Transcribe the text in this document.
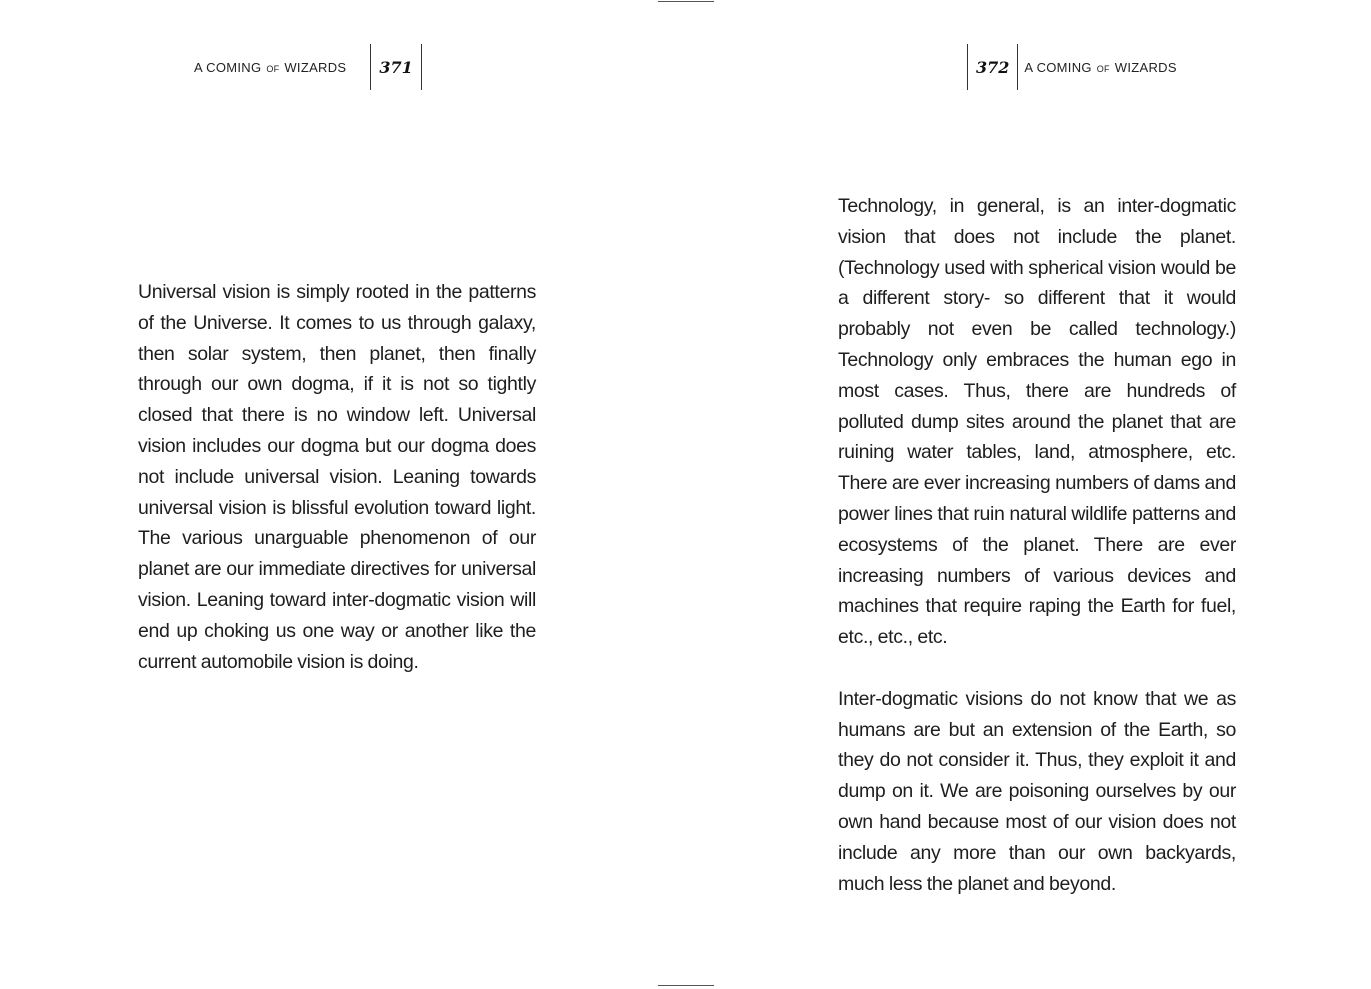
A COMING OF WIZARDS	371

Universal vision is simply rooted in the patterns of the Universe. It comes to us through galaxy, then solar system, then planet, then finally through our own dogma, if it is not so tightly closed that there is no window left. Universal vision includes our dogma but our dogma does not include universal vision. Leaning towards universal vision is blissful evolution toward light. The various unarguable phenomenon of our planet are our immediate directives for universal vision. Leaning toward inter-dogmatic vision will end up choking us one way or another like the current automobile vision is doing.

372	A COMING OF WIZARDS

Technology, in general, is an inter-dogmatic vision that does not include the planet. (Technology used with spherical vision would be a different story- so different that it would probably not even be called technology.) Technology only embraces the human ego in most cases. Thus, there are hundreds of polluted dump sites around the planet that are ruining water tables, land, atmosphere, etc. There are ever increasing numbers of dams and power lines that ruin natural wildlife patterns and ecosystems of the planet. There are ever increasing numbers of various devices and machines that require raping the Earth for fuel, etc., etc., etc.

Inter-dogmatic visions do not know that we as humans are but an extension of the Earth, so they do not consider it. Thus, they exploit it and dump on it. We are poisoning ourselves by our own hand because most of our vision does not include any more than our own backyards, much less the planet and beyond.
